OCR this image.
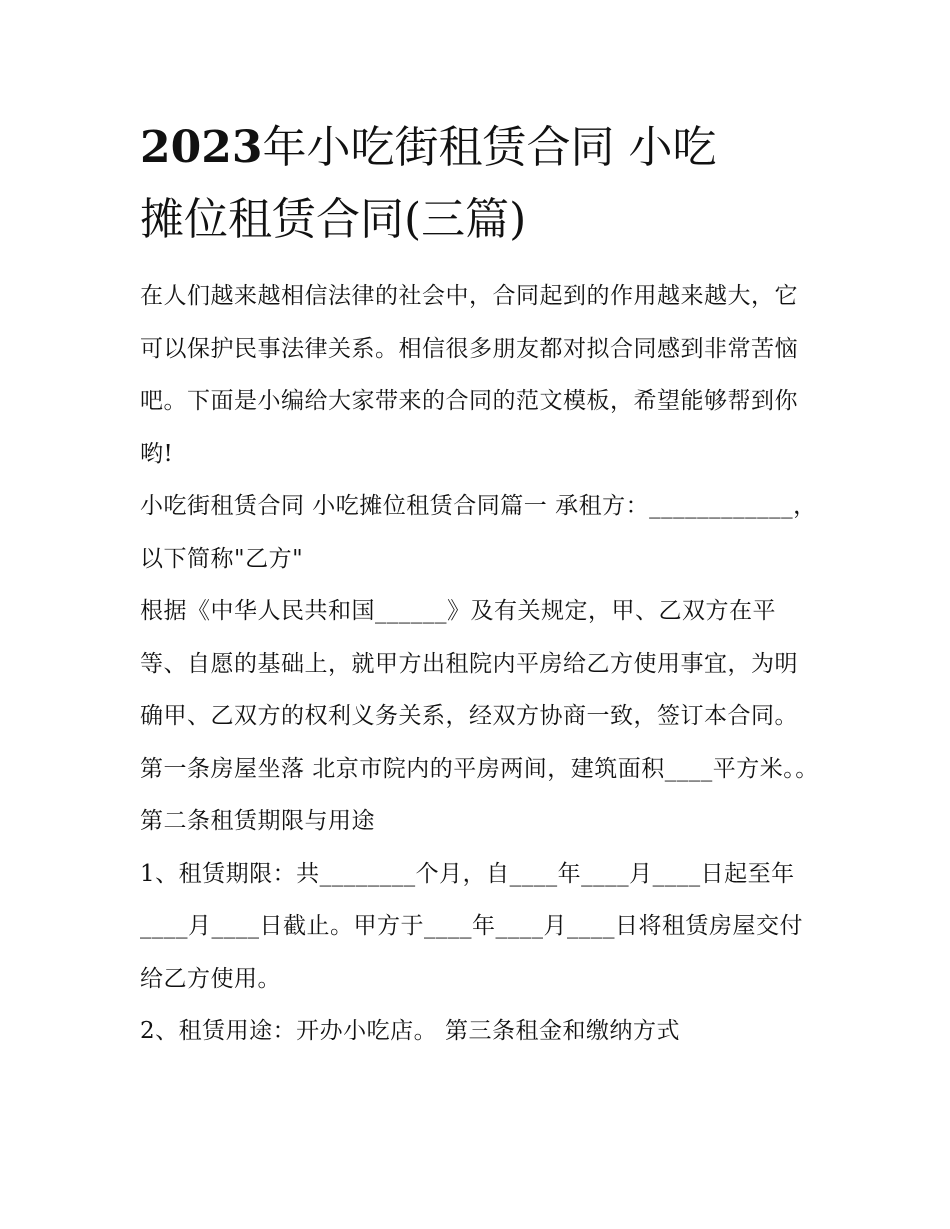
2023年小吃街租赁合同 小吃
摊位租赁合同(三篇)

在人们越来越相信法律的社会中，合同起到的作用越来越大，它可以保护民事法律关系。相信很多朋友都对拟合同感到非常苦恼吧。下面是小编给大家带来的合同的范文模板，希望能够帮到你哟!

小吃街租赁合同 小吃摊位租赁合同篇一 承租方：____________，以下简称"乙方"

根据《中华人民共和国______》及有关规定，甲、乙双方在平等、自愿的基础上，就甲方出租院内平房给乙方使用事宜，为明确甲、乙双方的权利义务关系，经双方协商一致，签订本合同。

第一条房屋坐落 北京市院内的平房两间，建筑面积____平方米。。 第二条租赁期限与用途

1、租赁期限：共________个月，自____年____月____日起至年____月____日截止。甲方于____年____月____日将租赁房屋交付给乙方使用。

2、租赁用途：开办小吃店。 第三条租金和缴纳方式
